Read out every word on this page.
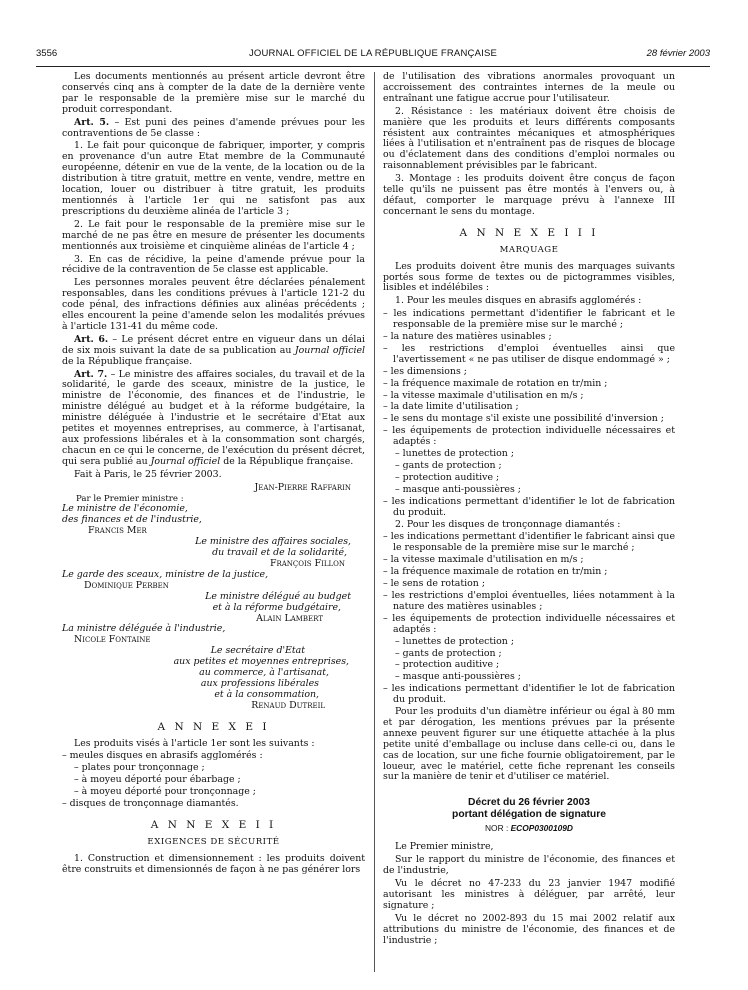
3556	JOURNAL OFFICIEL DE LA RÉPUBLIQUE FRANÇAISE	28 février 2003

Les documents mentionnés au présent article devront être conservés cinq ans à compter de la date de la dernière vente par le responsable de la première mise sur le marché du produit correspondant.

Art. 5. – Est puni des peines d'amende prévues pour les contraventions de 5e classe :

1. Le fait pour quiconque de fabriquer, importer, y compris en provenance d'un autre Etat membre de la Communauté européenne, détenir en vue de la vente, de la location ou de la distribution à titre gratuit, mettre en vente, vendre, mettre en location, louer ou distribuer à titre gratuit, les produits mentionnés à l'article 1er qui ne satisfont pas aux prescriptions du deuxième alinéa de l'article 3 ;

2. Le fait pour le responsable de la première mise sur le marché de ne pas être en mesure de présenter les documents mentionnés aux troisième et cinquième alinéas de l'article 4 ;

3. En cas de récidive, la peine d'amende prévue pour la récidive de la contravention de 5e classe est applicable.

Les personnes morales peuvent être déclarées pénalement responsables, dans les conditions prévues à l'article 121-2 du code pénal, des infractions définies aux alinéas précédents ; elles encourent la peine d'amende selon les modalités prévues à l'article 131-41 du même code.

Art. 6. – Le présent décret entre en vigueur dans un délai de six mois suivant la date de sa publication au Journal officiel de la République française.

Art. 7. – Le ministre des affaires sociales, du travail et de la solidarité, le garde des sceaux, ministre de la justice, le ministre de l'économie, des finances et de l'industrie, le ministre délégué au budget et à la réforme budgétaire, la ministre déléguée à l'industrie et le secrétaire d'Etat aux petites et moyennes entreprises, au commerce, à l'artisanat, aux professions libérales et à la consommation sont chargés, chacun en ce qui le concerne, de l'exécution du présent décret, qui sera publié au Journal officiel de la République française.

Fait à Paris, le 25 février 2003.

Jean-Pierre Raffarin

Par le Premier ministre :

Le ministre de l'économie,

des finances et de l'industrie,

Francis Mer

Le ministre des affaires sociales,

du travail et de la solidarité,

François Fillon

Le garde des sceaux, ministre de la justice,

Dominique Perben

Le ministre délégué au budget

et à la réforme budgétaire,

Alain Lambert

La ministre déléguée à l'industrie,

Nicole Fontaine

Le secrétaire d'Etat

aux petites et moyennes entreprises,

au commerce, à l'artisanat,

aux professions libérales

et à la consommation,

Renaud Dutreil

A N N E X E I

Les produits visés à l'article 1er sont les suivants :

– meules disques en abrasifs agglomérés :

– plates pour tronçonnage ;

– à moyeu déporté pour ébarbage ;

– à moyeu déporté pour tronçonnage ;

– disques de tronçonnage diamantés.

A N N E X E I I

EXIGENCES DE SÉCURITÉ

1. Construction et dimensionnement : les produits doivent être construits et dimensionnés de façon à ne pas générer lors

de l'utilisation des vibrations anormales provoquant un accroissement des contraintes internes de la meule ou entraînant une fatigue accrue pour l'utilisateur.

2. Résistance : les matériaux doivent être choisis de manière que les produits et leurs différents composants résistent aux contraintes mécaniques et atmosphériques liées à l'utilisation et n'entraînent pas de risques de blocage ou d'éclatement dans des conditions d'emploi normales ou raisonnablement prévisibles par le fabricant.

3. Montage : les produits doivent être conçus de façon telle qu'ils ne puissent pas être montés à l'envers ou, à défaut, comporter le marquage prévu à l'annexe III concernant le sens du montage.

A N N E X E I I I

MARQUAGE

Les produits doivent être munis des marquages suivants portés sous forme de textes ou de pictogrammes visibles, lisibles et indélébiles :

1. Pour les meules disques en abrasifs agglomérés :

– les indications permettant d'identifier le fabricant et le responsable de la première mise sur le marché ;

– la nature des matières usinables ;

– les restrictions d'emploi éventuelles ainsi que l'avertissement « ne pas utiliser de disque endommagé » ;

– les dimensions ;

– la fréquence maximale de rotation en tr/min ;

– la vitesse maximale d'utilisation en m/s ;

– la date limite d'utilisation ;

– le sens du montage s'il existe une possibilité d'inversion ;

– les équipements de protection individuelle nécessaires et adaptés :

– lunettes de protection ;

– gants de protection ;

– protection auditive ;

– masque anti-poussières ;

– les indications permettant d'identifier le lot de fabrication du produit.

2. Pour les disques de tronçonnage diamantés :

– les indications permettant d'identifier le fabricant ainsi que le responsable de la première mise sur le marché ;

– la vitesse maximale d'utilisation en m/s ;

– la fréquence maximale de rotation en tr/min ;

– le sens de rotation ;

– les restrictions d'emploi éventuelles, liées notamment à la nature des matières usinables ;

– les équipements de protection individuelle nécessaires et adaptés :

– lunettes de protection ;

– gants de protection ;

– protection auditive ;

– masque anti-poussières ;

– les indications permettant d'identifier le lot de fabrication du produit.

Pour les produits d'un diamètre inférieur ou égal à 80 mm et par dérogation, les mentions prévues par la présente annexe peuvent figurer sur une étiquette attachée à la plus petite unité d'emballage ou incluse dans celle-ci ou, dans le cas de location, sur une fiche fournie obligatoirement, par le loueur, avec le matériel, cette fiche reprenant les conseils sur la manière de tenir et d'utiliser ce matériel.

Décret du 26 février 2003
portant délégation de signature

NOR : ECOP0300109D

Le Premier ministre,

Sur le rapport du ministre de l'économie, des finances et de l'industrie,

Vu le décret no 47-233 du 23 janvier 1947 modifié autorisant les ministres à déléguer, par arrêté, leur signature ;

Vu le décret no 2002-893 du 15 mai 2002 relatif aux attributions du ministre de l'économie, des finances et de l'industrie ;
